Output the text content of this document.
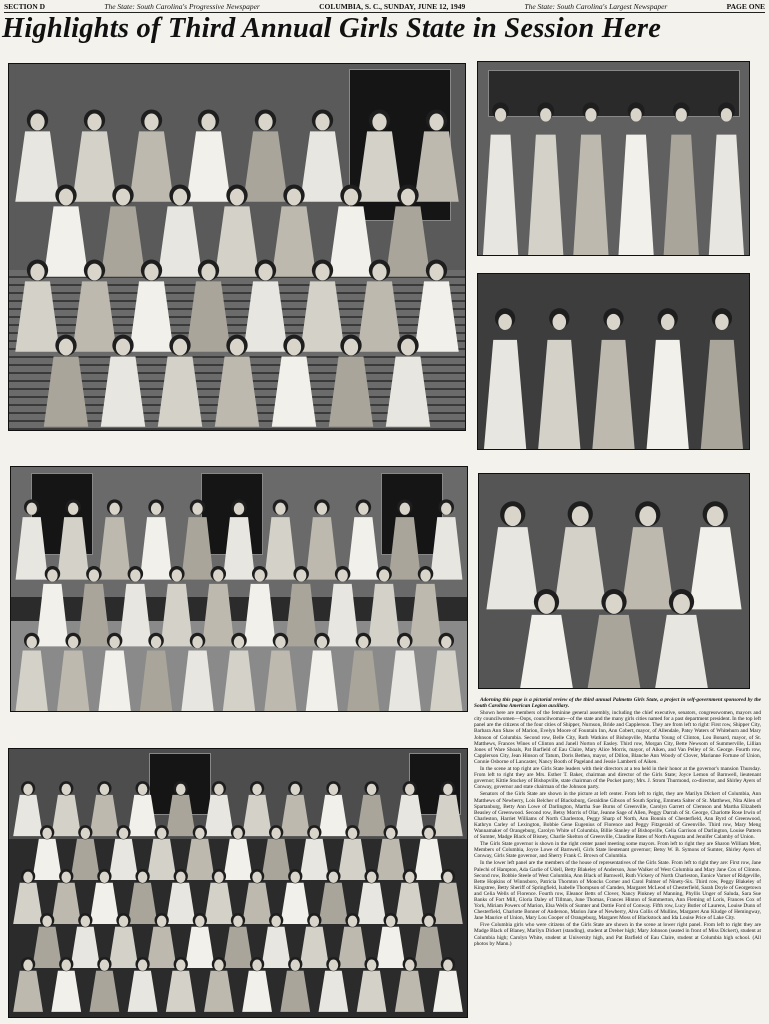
SECTION D	The State: South Carolina's Progressive Newspaper	COLUMBIA, S. C., SUNDAY, JUNE 12, 1949	The State: South Carolina's Largest Newspaper	PAGE ONE
Highlights of Third Annual Girls State in Session Here

Adorning this page is a pictorial review of the third annual Palmetto Girls State, a project in self-government sponsored by the South Carolina American Legion auxiliary.

Shown here are members of the feminine general assembly, including the chief executive, senators, congresswomen, mayors and city councilwomen—Oops, councilwoman—of the state and the many girls cities named for a past department president. In the top left panel are the citizens of the four cities of Shipper, Nurnson, Bride and Capplerson. They are from left to right: First row, Shipper City, Barbara Ann Shaw of Marion, Evelyn Moore of Fountain Inn, Ann Cobert, mayor, of Allendale, Patsy Waters of Whitehurn and Mary Johnson of Columbia. Second row, Belle City, Ruth Watkins of Bishopville, Martha Young of Clinton, Lou Bonard, mayor, of St. Matthews, Frances Wines of Clinton and Janell Norton of Easley. Third row, Morgan City, Bette Newsom of Summerville, Lillian Jones of Ware Shoals, Pat Barfield of Eau Claire, Mary Alice Morris, mayor, of Aiken, and Van Pelley of St. George. Fourth row, Capplerson City, Jean Hinson of Tatum, Doris Bethea, mayor, of Dillon, Blanche Ann Woody of Clover, Marianne Fortune of Union, Connie Osborne of Lancaster, Nancy Booth of Pageland and Jessie Lamberti of Aiken.

In the scene at top right are Girls State leaders with their directors at a tea held in their honor at the governor's mansion Thursday. From left to right they are Mrs. Esther T. Baker, chairman and director of the Girls State; Joyce Lemon of Barnwell, lieutenant governor; Kittie Stuckey of Bishopville, state chairman of the Pocket party; Mrs. J. Strom Thurmond, co-director, and Shirley Ayers of Conway, governor and state chairman of the Johnson party.

Senators of the Girls State are shown in the picture at left center. From left to right, they are Marilyn Dickert of Columbia, Ann Matthews of Newberry, Lois Belcher of Blacksburg, Geraldine Gibson of South Spring, Emmeta Salter of St. Matthews, Nita Allen of Spartanburg, Betty Ann Lowe of Darlington, Martha Sue Burns of Greenville, Carolyn Garrett of Clemson and Martha Elizabeth Beasley of Greenwood. Second row, Betsy Morris of Olar, Jeanne Sage of Allen, Peggy Darrah of St. George, Charlotte Rose Irwin of Charleston, Harriet Williams of North Charleston, Peggy Sharp of North, Ann Bonnin of Chesterfield, Ann Byrd of Greenwood, Kathryn Carley of Lexington, Bobbie Gene Eugenius of Florence and Peggy Fitzgerald of Greenville. Third row, Mary Meng Wannamaker of Orangeburg, Carolyn White of Columbia, Billie Stanley of Bishopville, Celia Garrison of Darlington, Louise Pattern of Sumter, Madge Black of Bisney, Charlie Skelton of Greenville, Claudine Bates of North Augusta and Jennifer Calamby of Union.

The Girls State governor is shown in the right center panel meeting some mayors. From left to right they are Sharon William Mett, Members of Columbia, Joyce Lowe of Barnwell, Girls State lieutenant governor; Betsy W. B. Symons of Sumter, Shirley Ayers of Conway, Girls State governor, and Sherry Frank C. Brown of Columbia.

In the lower left panel are the members of the house of representatives of the Girls State. From left to right they are: First row, Jane Palechi of Hampton, Ada Garlie of Udell, Betty Blakeley of Anderson, June Walker of West Columbia and Mary Jane Cox of Clinton. Second row, Bobbie Steele of West Columbia, Ann Black of Barnwell, Ruth Vickery of North Charleston, Eunice Varner of Ridgeville, Bette Hopkins of Winnsboro, Patricia Thornton of Moncks Corner and Carol Palmer of Ninety-Six. Third row, Peggy Blakeley of Kingstree, Betty Sheriff of Springfield, Isabelle Thompson of Camden, Margaret McLeod of Chesterfield, Sarah Doyle of Georgetown and Celia Wells of Florence. Fourth row, Eleanor Betts of Clover, Nancy Pinkney of Manning, Phyllis Unger of Saluda, Sara Sue Banks of Fort Mill, Gloria Daley of Tillman, June Thomas, Frances Hinton of Summerton, Ann Fleming of Loris, Frances Cox of York, Miriam Powers of Marion, Elsa Wells of Sumter and Dottie Ford of Conway. Fifth row, Lucy Butler of Laurens, Louise Dunn of Chesterfield, Charlotte Bonner of Anderson, Marion Jane of Newberry, Alva Collis of Mullins, Margaret Ann Kludge of Hemingway, Jane Maurice of Union, Mary Lou Cooper of Orangeburg, Margaret Moss of Blackstock and Ida Louise Price of Lake City.

Five Columbia girls who were citizens of the Girls State are shown in the scene at lower right panel. From left to right they are Madge Black of Blaney, Marilyn Dickert (standing), student at Dreher high; Mary Johnson (seated in front of Miss Dickert), student at Columbia high; Carolyn White, student at University high, and Pat Barfield of Eau Claire, student at Columbia high school. (All photos by Mann.)
